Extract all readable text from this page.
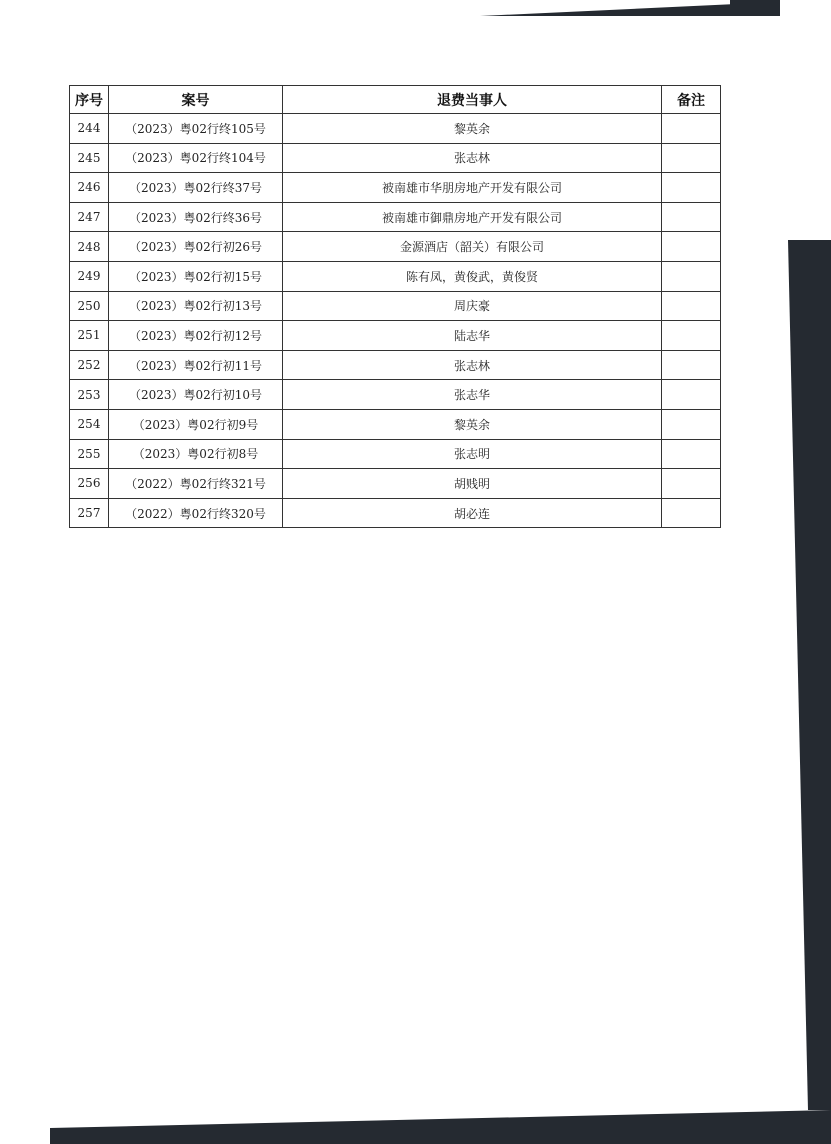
序号	案号	退费当事人	备注
244	（2023）粤02行终105号	黎英余	
245	（2023）粤02行终104号	张志林	
246	（2023）粤02行终37号	被南雄市华朋房地产开发有限公司	
247	（2023）粤02行终36号	被南雄市御鼎房地产开发有限公司	
248	（2023）粤02行初26号	金源酒店（韶关）有限公司	
249	（2023）粤02行初15号	陈有凤，黄俊武，黄俊贤	
250	（2023）粤02行初13号	周庆豪	
251	（2023）粤02行初12号	陆志华	
252	（2023）粤02行初11号	张志林	
253	（2023）粤02行初10号	张志华	
254	（2023）粤02行初9号	黎英余	
255	（2023）粤02行初8号	张志明	
256	（2022）粤02行终321号	胡贱明	
257	（2022）粤02行终320号	胡必连	
